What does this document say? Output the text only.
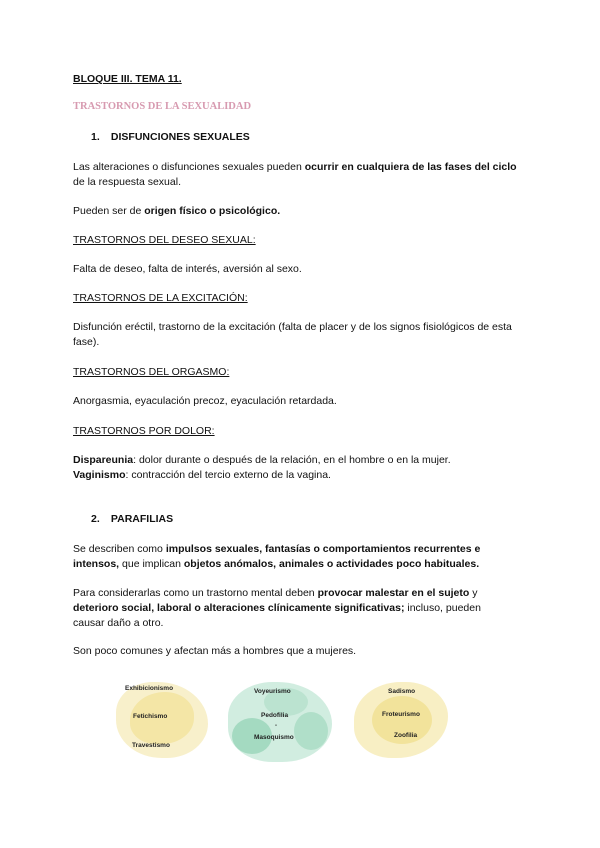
BLOQUE III. TEMA 11.
TRASTORNOS DE LA SEXUALIDAD
1. DISFUNCIONES SEXUALES
Las alteraciones o disfunciones sexuales pueden ocurrir en cualquiera de las fases del ciclo de la respuesta sexual.
Pueden ser de origen físico o psicológico.
TRASTORNOS DEL DESEO SEXUAL:
Falta de deseo, falta de interés, aversión al sexo.
TRASTORNOS DE LA EXCITACIÓN:
Disfunción eréctil, trastorno de la excitación (falta de placer y de los signos fisiológicos de esta fase).
TRASTORNOS DEL ORGASMO:
Anorgasmia, eyaculación precoz, eyaculación retardada.
TRASTORNOS POR DOLOR:
Dispareunia: dolor durante o después de la relación, en el hombre o en la mujer.
Vaginismo: contracción del tercio externo de la vagina.
2. PARAFILIAS
Se describen como impulsos sexuales, fantasías o comportamientos recurrentes e intensos, que implican objetos anómalos, animales o actividades poco habituales.
Para considerarlas como un trastorno mental deben provocar malestar en el sujeto y deterioro social, laboral o alteraciones clínicamente significativas; incluso, pueden causar daño a otro.
Son poco comunes y afectan más a hombres que a mujeres.
Exhibicionismo
Fetichismo
Travestismo
Voyeurismo
Pedofilia
-
Masoquismo
Sadismo
Froteurismo
Zoofilia
